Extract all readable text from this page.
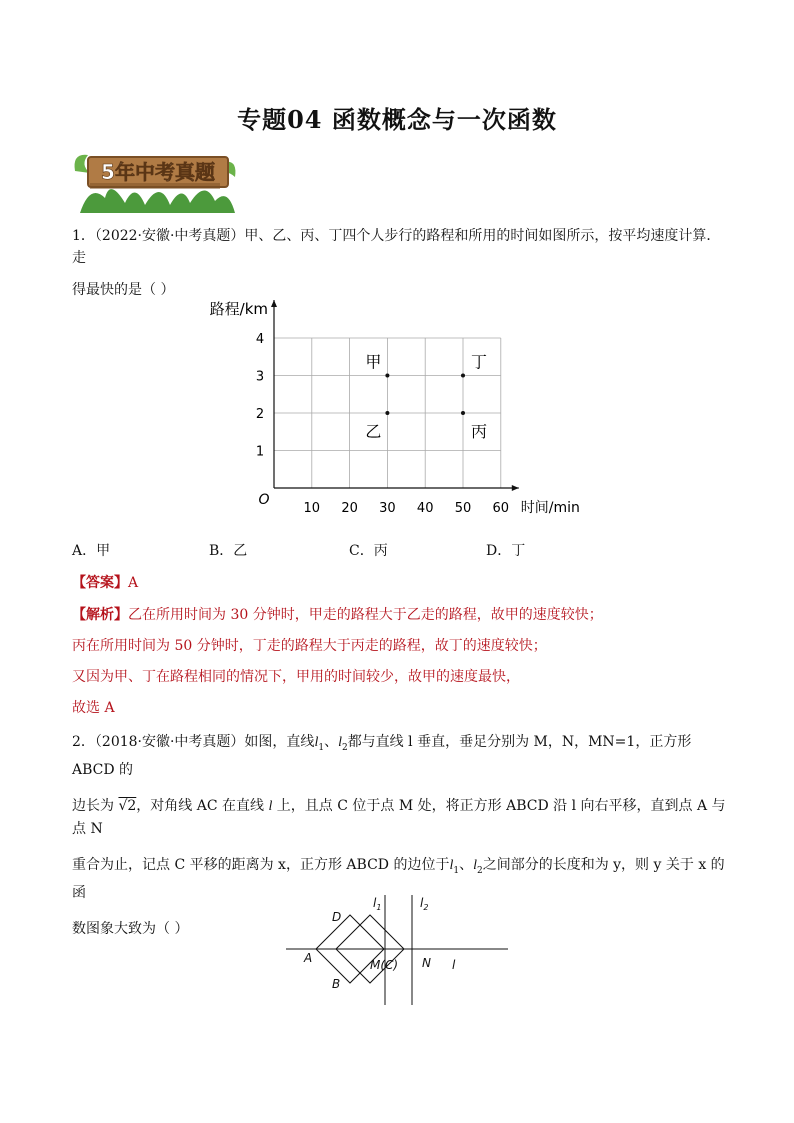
专题04 函数概念与一次函数
5年中考真题
1．（2022·安徽·中考真题）甲、乙、丙、丁四个人步行的路程和所用的时间如图所示，按平均速度计算．走
得最快的是（ ）
10 20 30 40 50 60
1
2
3
4
路程/km
时间/min
O
甲
乙	丙
丁
A．甲	B．乙	C．丙	D．丁
【答案】A
【解析】乙在所用时间为 30 分钟时，甲走的路程大于乙走的路程，故甲的速度较快；
丙在所用时间为 50 分钟时，丁走的路程大于丙走的路程，故丁的速度较快；
又因为甲、丁在路程相同的情况下，甲用的时间较少，故甲的速度最快，
故选 A
2．（2018·安徽·中考真题）如图，直线$l_1$、$l_2$都与直线 l 垂直，垂足分别为 M，N，MN=1，正方形 ABCD 的
边长为 √2，对角线 AC 在直线 l 上，且点 C 位于点 M 处，将正方形 ABCD 沿 l 向右平移，直到点 A 与点 N
重合为止，记点 C 平移的距离为 x，正方形 ABCD 的边位于$l_1$、$l_2$之间部分的长度和为 y，则 y 关于 x 的函
数图象大致为（ ）
D
A
B
M(C) N l
$l_1$	$l_2$
